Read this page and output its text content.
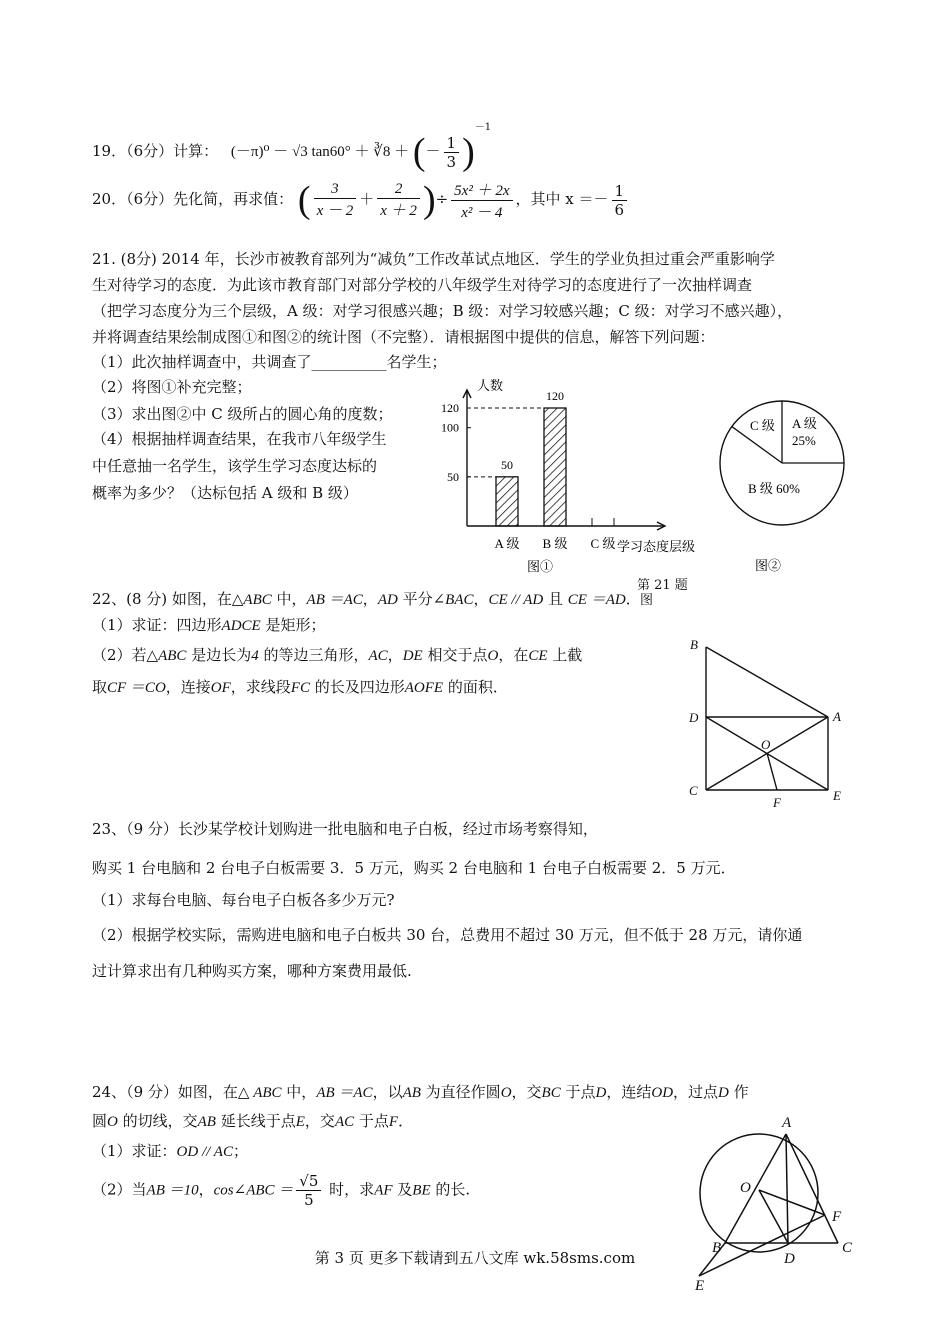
19．（6分）计算： (－π)⁰ － √3 tan60° ＋ ∛8 ＋ (－ $\frac{1}{3} )^{-1}$
20．（6分）先化简，再求值： ( $\frac{3}{x - 2} + \frac{2}{x + 2}$ )÷ $\frac{\text{5x² ＋ 2x}}{\text{x² － 4}}$ ，其中 $x =- \frac{1}{6}$
21. (8分) 2014 年，长沙市被教育部列为“减负”工作改革试点地区．学生的学业负担过重会严重影响学
生对待学习的态度．为此该市教育部门对部分学校的八年级学生对待学习的态度进行了一次抽样调查
（把学习态度分为三个层级，A 级：对学习很感兴趣；B 级：对学习较感兴趣；C 级：对学习不感兴趣），
并将调查结果绘制成图①和图②的统计图（不完整）．请根据图中提供的信息，解答下列问题：
（1）此次抽样调查中，共调查了__________名学生；
（2）将图①补充完整；
（3）求出图②中 C 级所占的圆心角的度数；
（4）根据抽样调查结果，在我市八年级学生
中任意抽一名学生，该学生学习态度达标的
概率为多少？（达标包括 A 级和 B 级）
人数
学习态度层级
50
100
120
A 级
50
B 级
120
C 级
图①
A 级
25%
B 级 60%
C 级
图②
第 21 题
图
22、(8 分) 如图，在△ABC 中，AB ＝AC，AD 平分∠BAC，CE // AD 且 CE ＝AD．
（1）求证：四边形ADCE 是矩形；
（2）若△ABC 是边长为4 的等边三角形，AC，DE 相交于点O，在CE 上截
取CF ＝CO，连接OF，求线段FC 的长及四边形AOFE 的面积．
B
D	A
O
C
F	E
23、（9 分）长沙某学校计划购进一批电脑和电子白板，经过市场考察得知，
购买 1 台电脑和 2 台电子白板需要 3．5 万元，购买 2 台电脑和 1 台电子白板需要 2．5 万元．
（1）求每台电脑、每台电子白板各多少万元?
（2）根据学校实际，需购进电脑和电子白板共 30 台，总费用不超过 30 万元，但不低于 28 万元，请你通
过计算求出有几种购买方案，哪种方案费用最低.
24、（9 分）如图，在△ ABC 中，AB ＝AC，以AB 为直径作圆O，交BC 于点D，连结OD，过点D 作
圆O 的切线，交AB 延长线于点E，交AC 于点F．
（1）求证：OD // AC；
（2）当AB ＝10，cos∠ABC ＝ $\frac{√5}{5}$ 时，求AF 及BE 的长.
A
O
F
B
D
C
E
第 3 页 更多下载请到五八文库 wk.58sms.com
